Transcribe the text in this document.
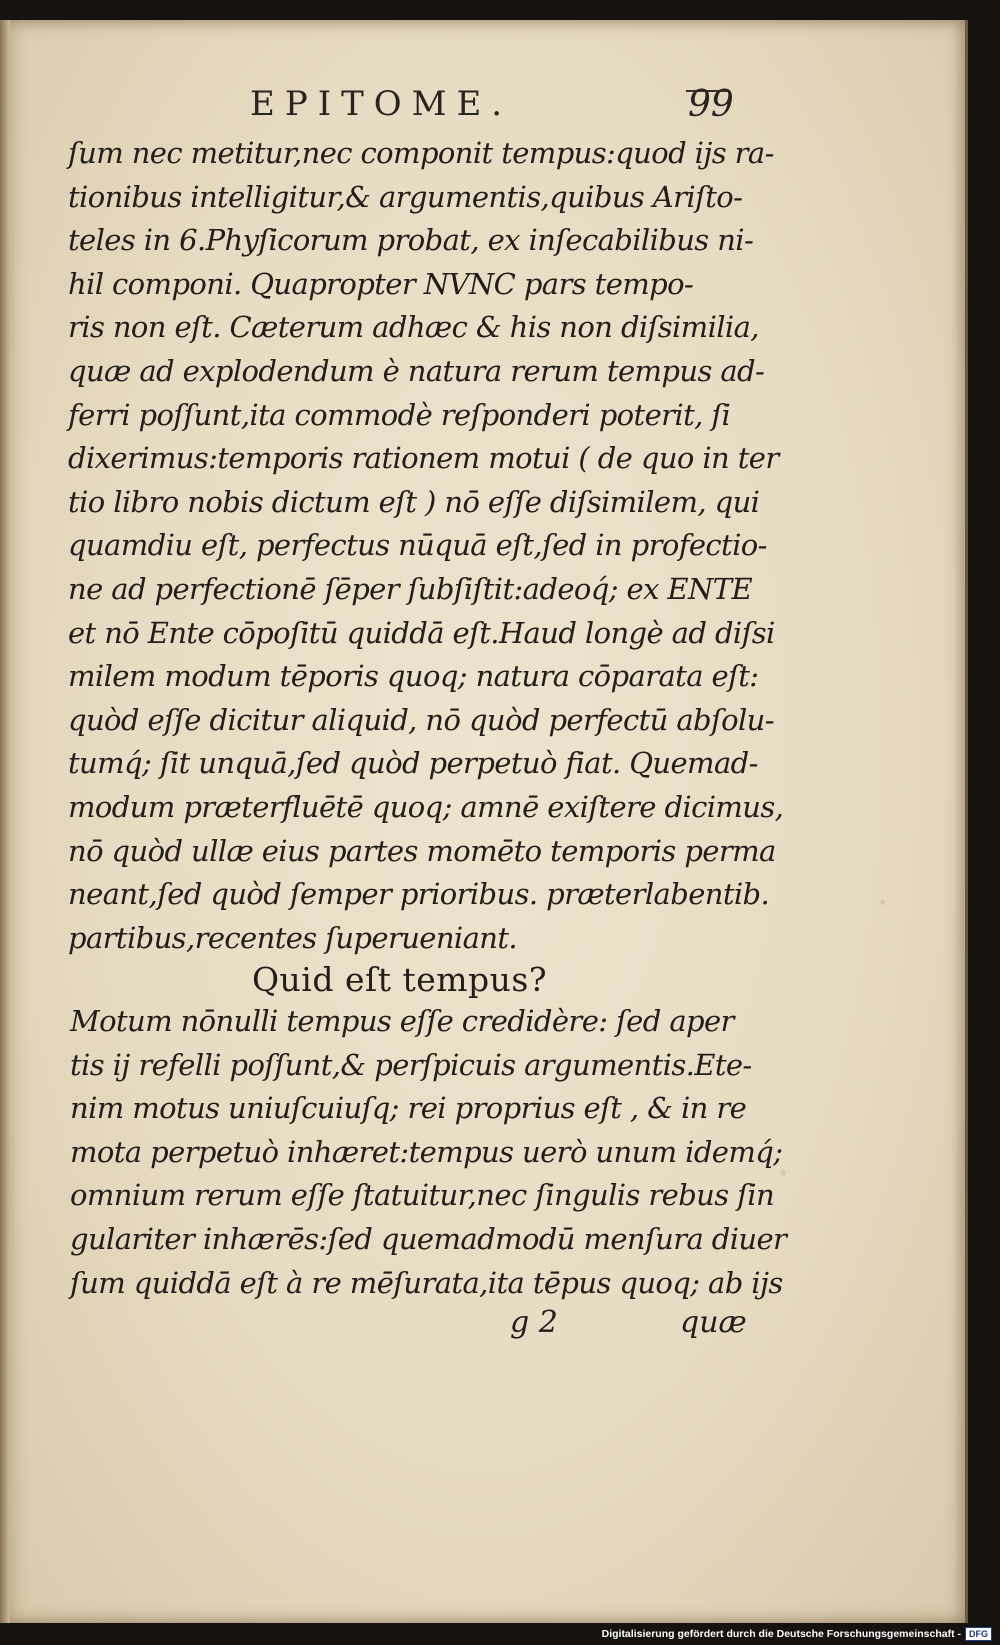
EPITOME.	99
ſum nec metitur,nec componit tempus:quod ijs ra-
tionibus intelligitur,& argumentis,quibus Ariſto-
teles in 6.Phyſicorum probat, ex inſecabilibus ni-
hil componi. Quapropter NVNC pars tempo-
ris non eſt. Cæterum adhæc & his non diſsimilia,
quæ ad explodendum è natura rerum tempus ad-
ferri poſſunt,ita commodè reſponderi poterit, ſi
dixerimus:temporis rationem motui ( de quo in ter
tio libro nobis dictum eſt ) nō eſſe diſsimilem, qui
quamdiu eſt, perfectus nūquā eſt,ſed in profectio-
ne ad perfectionē ſēper ſubſiſtit:adeoq́; ex ENTE
et nō Ente cōpoſitū quiddā eſt.Haud longè ad diſsi
milem modum tēporis quoq; natura cōparata eſt:
quòd eſſe dicitur aliquid, nō quòd perfectū abſolu-
tumq́; ſit unquā,ſed quòd perpetuò fiat. Quemad-
modum præterfluētē quoq; amnē exiſtere dicimus,
nō quòd ullæ eius partes momēto temporis perma
neant,ſed quòd ſemper prioribus. præterlabentib.
partibus,recentes ſuperueniant.
Quid eſt tempus?
Motum nōnulli tempus eſſe credidère: ſed aper
tis ij refelli poſſunt,& perſpicuis argumentis.Ete-
nim motus uniuſcuiuſq; rei proprius eſt , & in re
mota perpetuò inhæret:tempus uerò unum idemq́;
omnium rerum eſſe ſtatuitur,nec ſingulis rebus ſin
gulariter inhærēs:ſed quemadmodū menſura diuer
ſum quiddā eſt à re mēſurata,ita tēpus quoq; ab ijs
g 2	quæ
Digitalisierung gefördert durch die Deutsche Forschungsgemeinschaft - DFG
